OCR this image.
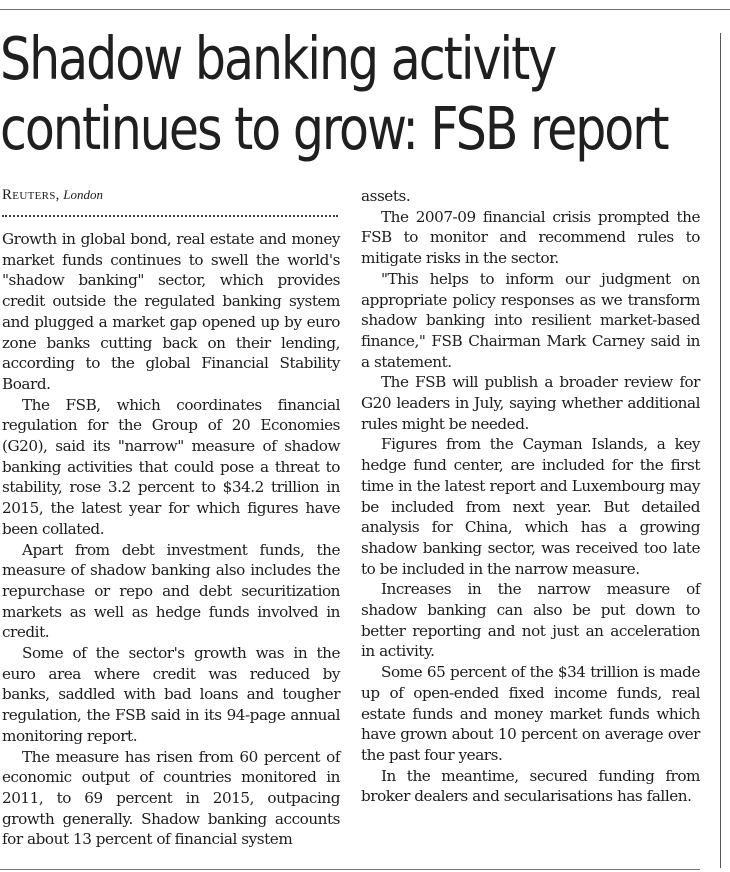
Shadow banking activity
continues to grow: FSB report
Reuters, London

Growth in global bond, real estate and money market funds continues to swell the world's "shadow banking" sector, which provides credit outside the regulated banking system and plugged a market gap opened up by euro zone banks cutting back on their lending, according to the global Financial Stability Board.

The FSB, which coordinates financial regulation for the Group of 20 Economies (G20), said its "narrow" measure of shadow banking activities that could pose a threat to stability, rose 3.2 percent to $34.2 trillion in 2015, the latest year for which figures have been collated.

Apart from debt investment funds, the measure of shadow banking also includes the repurchase or repo and debt securitization markets as well as hedge funds involved in credit.

Some of the sector's growth was in the euro area where credit was reduced by banks, saddled with bad loans and tougher regulation, the FSB said in its 94-page annual monitoring report.

The measure has risen from 60 percent of economic output of countries monitored in 2011, to 69 percent in 2015, outpacing growth generally. Shadow banking accounts for about 13 percent of financial system

assets.

The 2007-09 financial crisis prompted the FSB to monitor and recommend rules to mitigate risks in the sector.

"This helps to inform our judgment on appropriate policy responses as we transform shadow banking into resilient market-based finance," FSB Chairman Mark Carney said in a statement.

The FSB will publish a broader review for G20 leaders in July, saying whether additional rules might be needed.

Figures from the Cayman Islands, a key hedge fund center, are included for the first time in the latest report and Luxembourg may be included from next year. But detailed analysis for China, which has a growing shadow banking sector, was received too late to be included in the narrow measure.

Increases in the narrow measure of shadow banking can also be put down to better reporting and not just an acceleration in activity.

Some 65 percent of the $34 trillion is made up of open-ended fixed income funds, real estate funds and money market funds which have grown about 10 percent on average over the past four years.

In the meantime, secured funding from broker dealers and secularisations has fallen.
